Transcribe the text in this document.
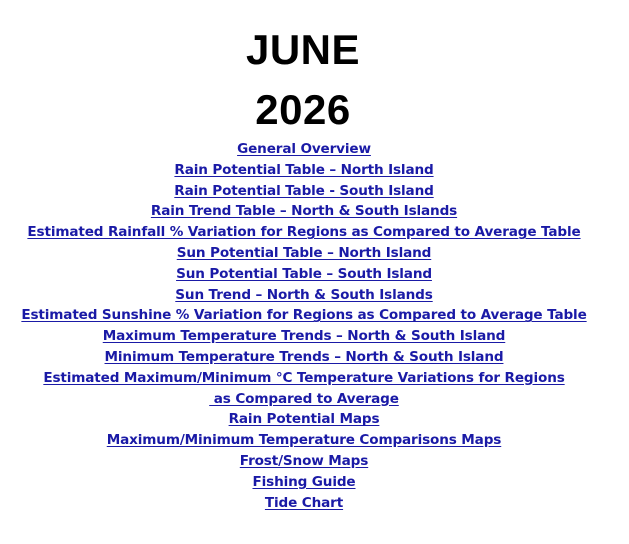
JUNE
2026
General Overview
Rain Potential Table – North Island
Rain Potential Table - South Island
Rain Trend Table – North & South Islands
Estimated Rainfall % Variation for Regions as Compared to Average Table
Sun Potential Table – North Island
Sun Potential Table – South Island
Sun Trend – North & South Islands
Estimated Sunshine % Variation for Regions as Compared to Average Table
Maximum Temperature Trends – North & South Island
Minimum Temperature Trends – North & South Island
Estimated Maximum/Minimum °C Temperature Variations for Regions
as Compared to Average
Rain Potential Maps
Maximum/Minimum Temperature Comparisons Maps
Frost/Snow Maps
Fishing Guide
Tide Chart
